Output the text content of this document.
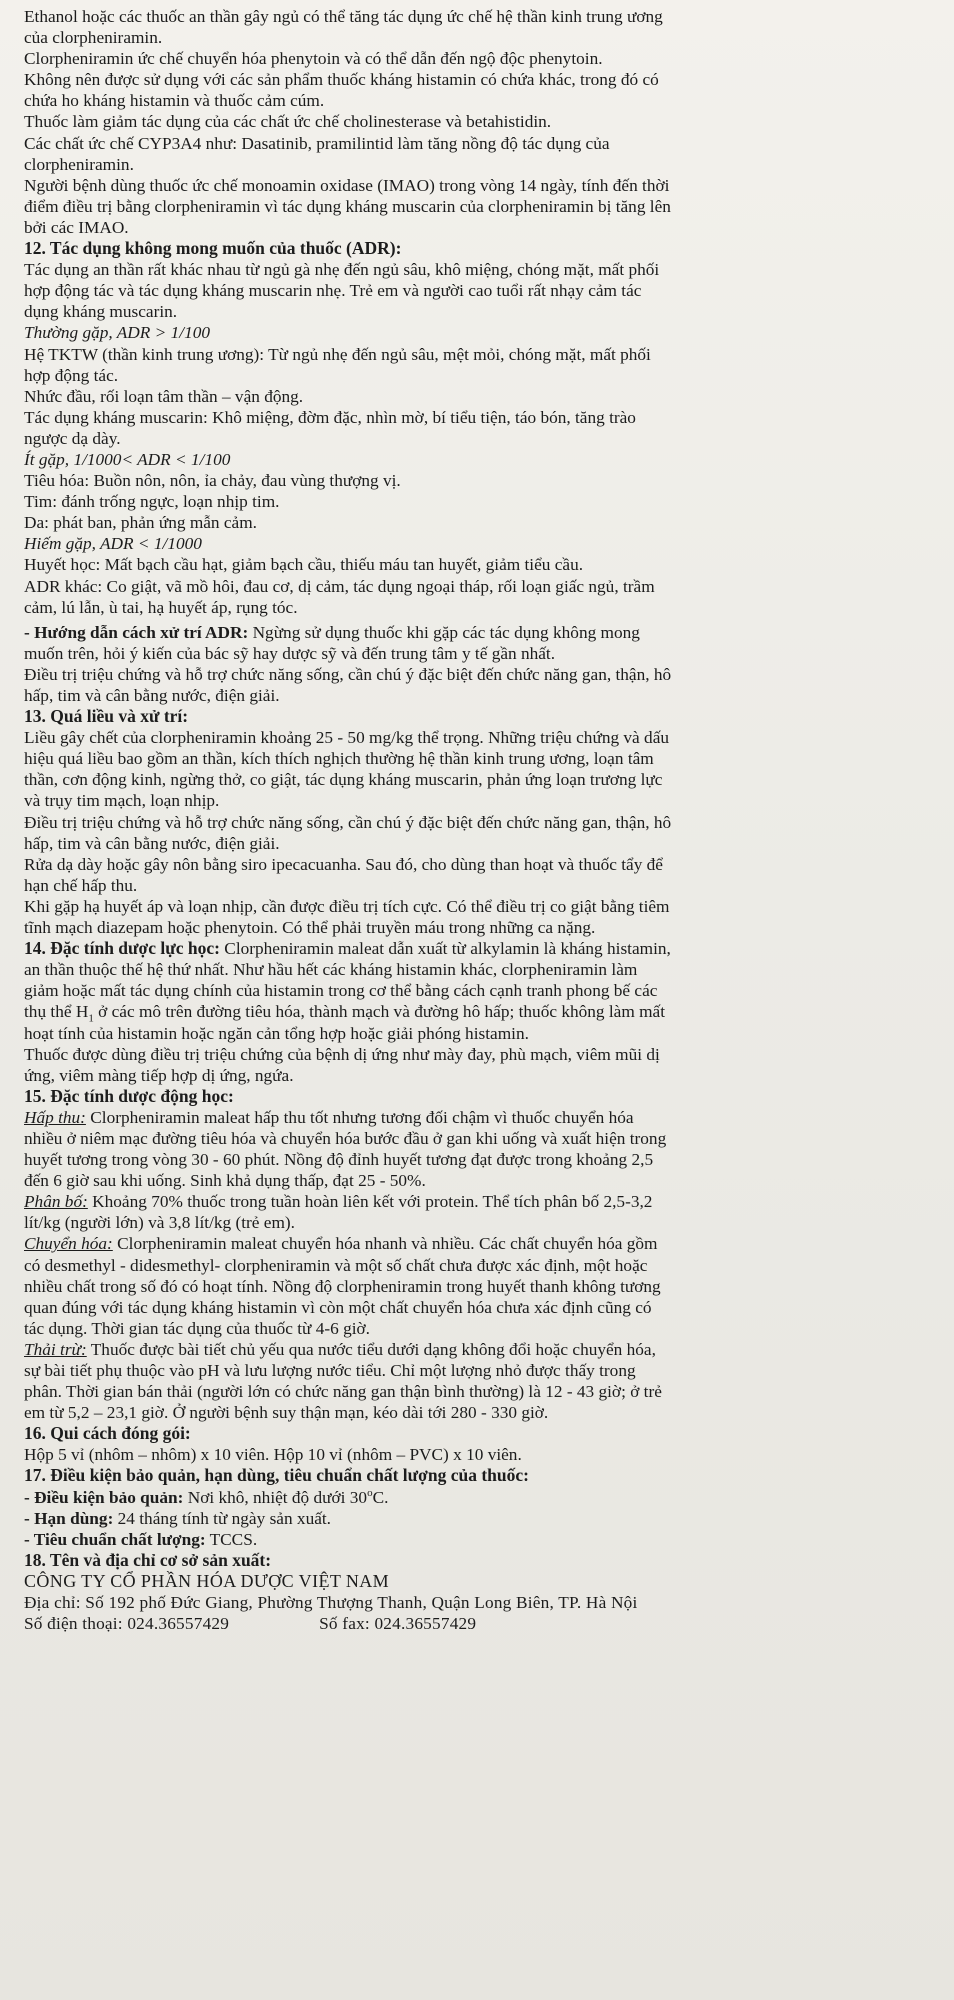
Ethanol hoặc các thuốc an thần gây ngủ có thể tăng tác dụng ức chế hệ thần kinh trung ương
của clorpheniramin.
Clorpheniramin ức chế chuyển hóa phenytoin và có thể dẫn đến ngộ độc phenytoin.
Không nên được sử dụng với các sản phẩm thuốc kháng histamin có chứa khác, trong đó có
chứa ho kháng histamin và thuốc cảm cúm.
Thuốc làm giảm tác dụng của các chất ức chế cholinesterase và betahistidin.
Các chất ức chế CYP3A4 như: Dasatinib, pramilintid làm tăng nồng độ tác dụng của
clorpheniramin.
Người bệnh dùng thuốc ức chế monoamin oxidase (IMAO) trong vòng 14 ngày, tính đến thời
điểm điều trị bằng clorpheniramin vì tác dụng kháng muscarin của clorpheniramin bị tăng lên
bởi các IMAO.
12. Tác dụng không mong muốn của thuốc (ADR):
Tác dụng an thần rất khác nhau từ ngủ gà nhẹ đến ngủ sâu, khô miệng, chóng mặt, mất phối
hợp động tác và tác dụng kháng muscarin nhẹ. Trẻ em và người cao tuổi rất nhạy cảm tác
dụng kháng muscarin.
Thường gặp, ADR > 1/100
Hệ TKTW (thần kinh trung ương): Từ ngủ nhẹ đến ngủ sâu, mệt mỏi, chóng mặt, mất phối
hợp động tác.
Nhức đầu, rối loạn tâm thần – vận động.
Tác dụng kháng muscarin: Khô miệng, đờm đặc, nhìn mờ, bí tiểu tiện, táo bón, tăng trào
ngược dạ dày.
Ít gặp, 1/1000< ADR < 1/100
Tiêu hóa: Buồn nôn, nôn, ỉa chảy, đau vùng thượng vị.
Tim: đánh trống ngực, loạn nhịp tim.
Da: phát ban, phản ứng mẫn cảm.
Hiếm gặp, ADR < 1/1000
Huyết học: Mất bạch cầu hạt, giảm bạch cầu, thiếu máu tan huyết, giảm tiểu cầu.
ADR khác: Co giật, vã mồ hôi, đau cơ, dị cảm, tác dụng ngoại tháp, rối loạn giấc ngủ, trầm
cảm, lú lẫn, ù tai, hạ huyết áp, rụng tóc.
- Hướng dẫn cách xử trí ADR: Ngừng sử dụng thuốc khi gặp các tác dụng không mong
muốn trên, hỏi ý kiến của bác sỹ hay dược sỹ và đến trung tâm y tế gần nhất.
Điều trị triệu chứng và hỗ trợ chức năng sống, cần chú ý đặc biệt đến chức năng gan, thận, hô
hấp, tim và cân bằng nước, điện giải.
13. Quá liều và xử trí:
Liều gây chết của clorpheniramin khoảng 25 - 50 mg/kg thể trọng. Những triệu chứng và dấu
hiệu quá liều bao gồm an thần, kích thích nghịch thường hệ thần kinh trung ương, loạn tâm
thần, cơn động kinh, ngừng thở, co giật, tác dụng kháng muscarin, phản ứng loạn trương lực
và trụy tim mạch, loạn nhịp.
Điều trị triệu chứng và hỗ trợ chức năng sống, cần chú ý đặc biệt đến chức năng gan, thận, hô
hấp, tim và cân bằng nước, điện giải.
Rửa dạ dày hoặc gây nôn bằng siro ipecacuanha. Sau đó, cho dùng than hoạt và thuốc tẩy để
hạn chế hấp thu.
Khi gặp hạ huyết áp và loạn nhịp, cần được điều trị tích cực. Có thể điều trị co giật bằng tiêm
tĩnh mạch diazepam hoặc phenytoin. Có thể phải truyền máu trong những ca nặng.
14. Đặc tính dược lực học: Clorpheniramin maleat dẫn xuất từ alkylamin là kháng histamin,
an thần thuộc thế hệ thứ nhất. Như hầu hết các kháng histamin khác, clorpheniramin làm
giảm hoặc mất tác dụng chính của histamin trong cơ thể bằng cách cạnh tranh phong bế các
thụ thể $H_1$ ở các mô trên đường tiêu hóa, thành mạch và đường hô hấp; thuốc không làm mất
hoạt tính của histamin hoặc ngăn cản tổng hợp hoặc giải phóng histamin.
Thuốc được dùng điều trị triệu chứng của bệnh dị ứng như mày đay, phù mạch, viêm mũi dị
ứng, viêm màng tiếp hợp dị ứng, ngứa.
15. Đặc tính dược động học:
Hấp thu: Clorpheniramin maleat hấp thu tốt nhưng tương đối chậm vì thuốc chuyển hóa
nhiều ở niêm mạc đường tiêu hóa và chuyển hóa bước đầu ở gan khi uống và xuất hiện trong
huyết tương trong vòng 30 - 60 phút. Nồng độ đỉnh huyết tương đạt được trong khoảng 2,5
đến 6 giờ sau khi uống. Sinh khả dụng thấp, đạt 25 - 50%.
Phân bố: Khoảng 70% thuốc trong tuần hoàn liên kết với protein. Thể tích phân bố 2,5-3,2
lít/kg (người lớn) và 3,8 lít/kg (trẻ em).
Chuyển hóa: Clorpheniramin maleat chuyển hóa nhanh và nhiều. Các chất chuyển hóa gồm
có desmethyl - didesmethyl- clorpheniramin và một số chất chưa được xác định, một hoặc
nhiều chất trong số đó có hoạt tính. Nồng độ clorpheniramin trong huyết thanh không tương
quan đúng với tác dụng kháng histamin vì còn một chất chuyển hóa chưa xác định cũng có
tác dụng. Thời gian tác dụng của thuốc từ 4-6 giờ.
Thải trừ: Thuốc được bài tiết chủ yếu qua nước tiểu dưới dạng không đổi hoặc chuyển hóa,
sự bài tiết phụ thuộc vào pH và lưu lượng nước tiểu. Chỉ một lượng nhỏ được thấy trong
phân. Thời gian bán thải (người lớn có chức năng gan thận bình thường) là 12 - 43 giờ; ở trẻ
em từ 5,2 – 23,1 giờ. Ở người bệnh suy thận mạn, kéo dài tới 280 - 330 giờ.
16. Qui cách đóng gói:
Hộp 5 vỉ (nhôm – nhôm) x 10 viên. Hộp 10 vỉ (nhôm – PVC) x 10 viên.
17. Điều kiện bảo quản, hạn dùng, tiêu chuẩn chất lượng của thuốc:
- Điều kiện bảo quản: Nơi khô, nhiệt độ dưới 30$^o$C.
- Hạn dùng: 24 tháng tính từ ngày sản xuất.
- Tiêu chuẩn chất lượng: TCCS.
18. Tên và địa chỉ cơ sở sản xuất:
CÔNG TY CỔ PHẦN HÓA DƯỢC VIỆT NAM
Địa chỉ: Số 192 phố Đức Giang, Phường Thượng Thanh, Quận Long Biên, TP. Hà Nội
Số điện thoại: 024.36557429	Số fax: 024.36557429
